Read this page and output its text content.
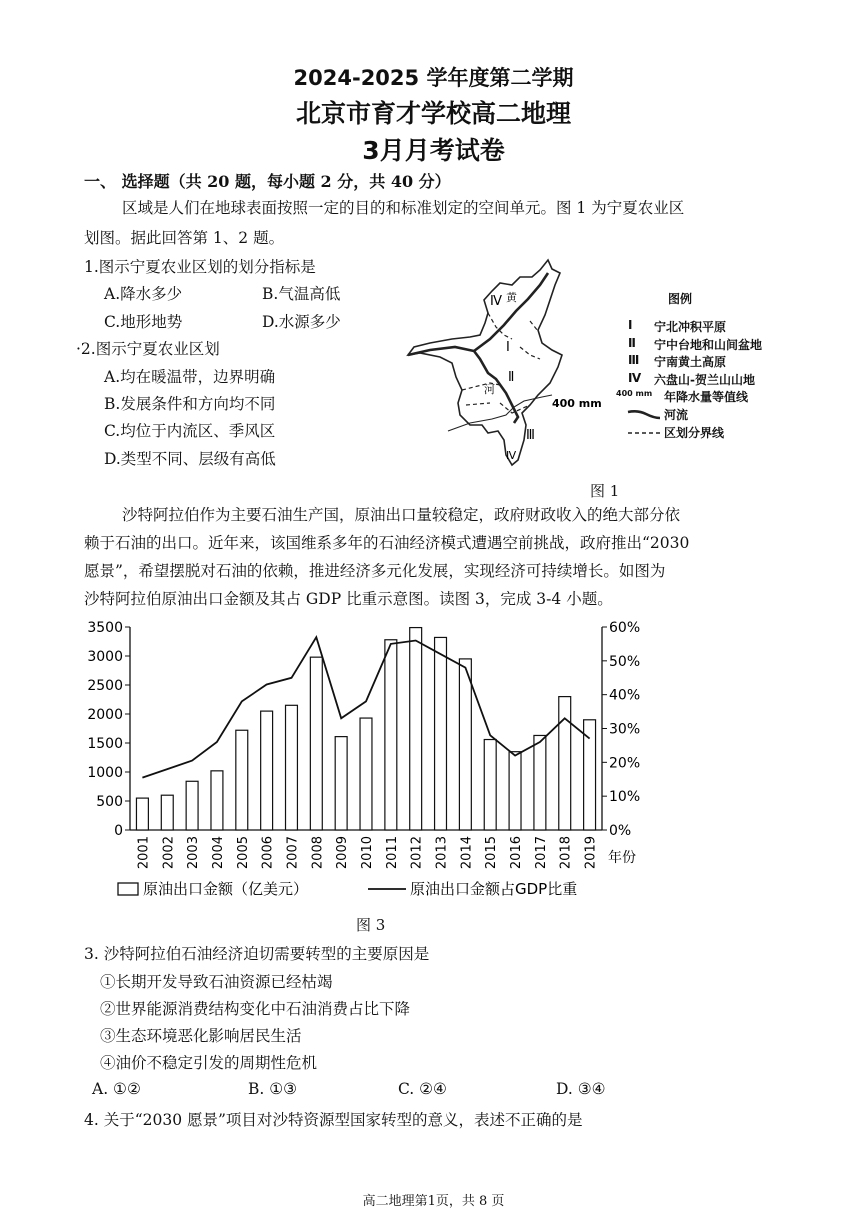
2024-2025 学年度第二学期
北京市育才学校高二地理
3月月考试卷
一、 选择题（共 20 题，每小题 2 分，共 40 分）
区域是人们在地球表面按照一定的目的和标准划定的空间单元。图 1 为宁夏农业区
划图。据此回答第 1、2 题。
1.图示宁夏农业区划的划分指标是
A.降水多少	B.气温高低
C.地形地势	D.水源多少
·2.图示宁夏农业区划
A.均在暖温带，边界明确
B.发展条件和方向均不同
C.均位于内流区、季风区
D.类型不同、层级有高低
400 mm
Ⅳ 黄
Ⅰ
Ⅱ
河
Ⅲ
Ⅳ
图例
Ⅰ 宁北冲积平原
Ⅱ 宁中台地和山间盆地
Ⅲ 宁南黄土高原
Ⅳ 六盘山-贺兰山山地
400 mm 年降水量等值线
河流
区划分界线
图 1
沙特阿拉伯作为主要石油生产国，原油出口量较稳定，政府财政收入的绝大部分依
赖于石油的出口。近年来，该国维系多年的石油经济模式遭遇空前挑战，政府推出“2030
愿景”，希望摆脱对石油的依赖，推进经济多元化发展，实现经济可持续增长。如图为
沙特阿拉伯原油出口金额及其占 GDP 比重示意图。读图 3，完成 3-4 小题。
3500
3000
2500
2000
1500
1000
500
0
60%
50%
40%
30%
20%
10%
0%
2001 2002 2003 2004 2005 2006 2007 2008 2009 2010 2011 2012 2013 2014 2015 2016 2017 2018 2019 年份
原油出口金额（亿美元）	原油出口金额占GDP比重
图 3
3. 沙特阿拉伯石油经济迫切需要转型的主要原因是
①长期开发导致石油资源已经枯竭
②世界能源消费结构变化中石油消费占比下降
③生态环境恶化影响居民生活
④油价不稳定引发的周期性危机
A. ①②	B. ①③	C. ②④	D. ③④
4. 关于“2030 愿景”项目对沙特资源型国家转型的意义，表述不正确的是
高二地理第1页，共 8 页
